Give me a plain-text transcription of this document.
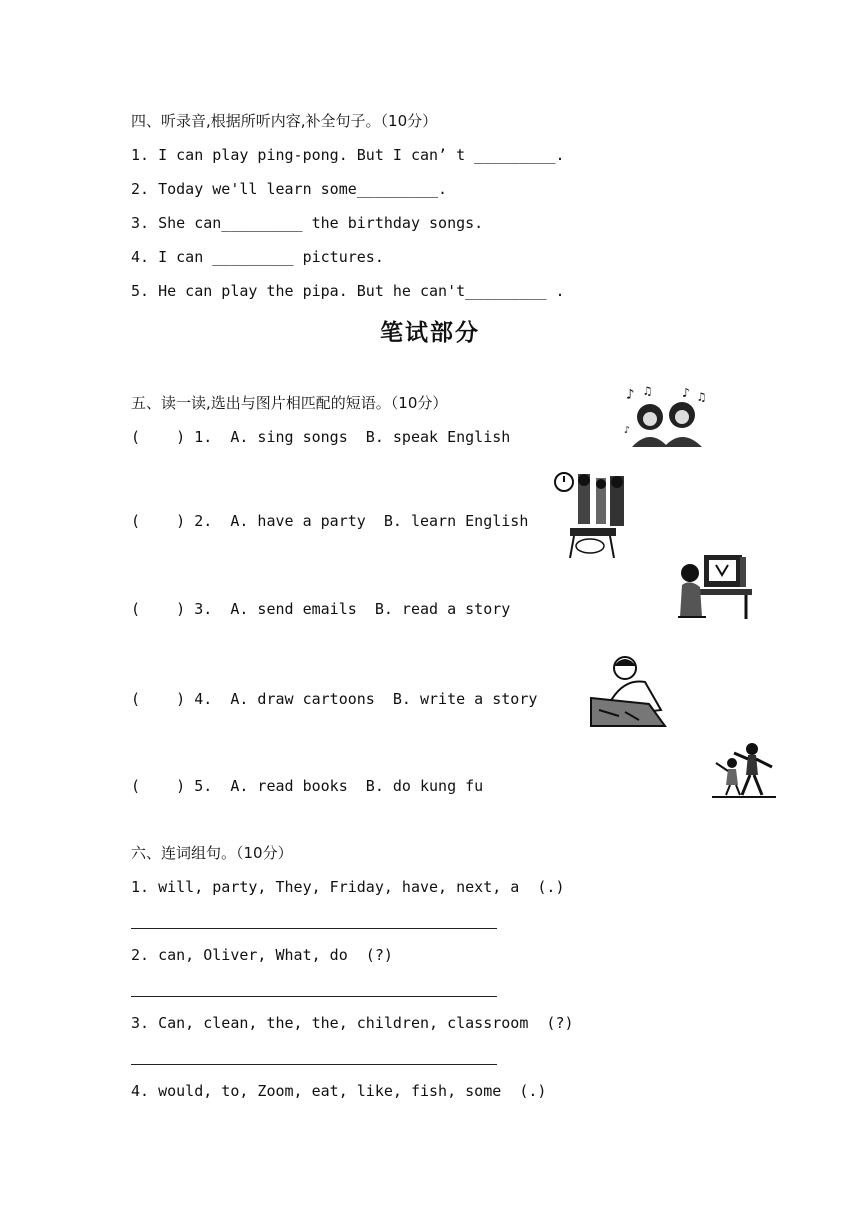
四、听录音,根据所听内容,补全句子。（10分）
1. I can play ping-pong. But I can’ t _________.
2. Today we'll learn some_________.
3. She can_________ the birthday songs.
4. I can _________ pictures.
5. He can play the pipa. But he can't_________ .
笔试部分
五、读一读,选出与图片相匹配的短语。（10分）
(    ) 1.  A. sing songs  B. speak English
(    ) 2.  A. have a party  B. learn English
(    ) 3.  A. send emails  B. read a story
(    ) 4.  A. draw cartoons  B. write a story
(    ) 5.  A. read books  B. do kung fu
♪ ♫ ♪ ♫
♪
六、连词组句。（10分）
1. will, party, They, Friday, have, next, a  (.)
2. can, Oliver, What, do  (?)
3. Can, clean, the, the, children, classroom  (?)
4. would, to, Zoom, eat, like, fish, some  (.)
